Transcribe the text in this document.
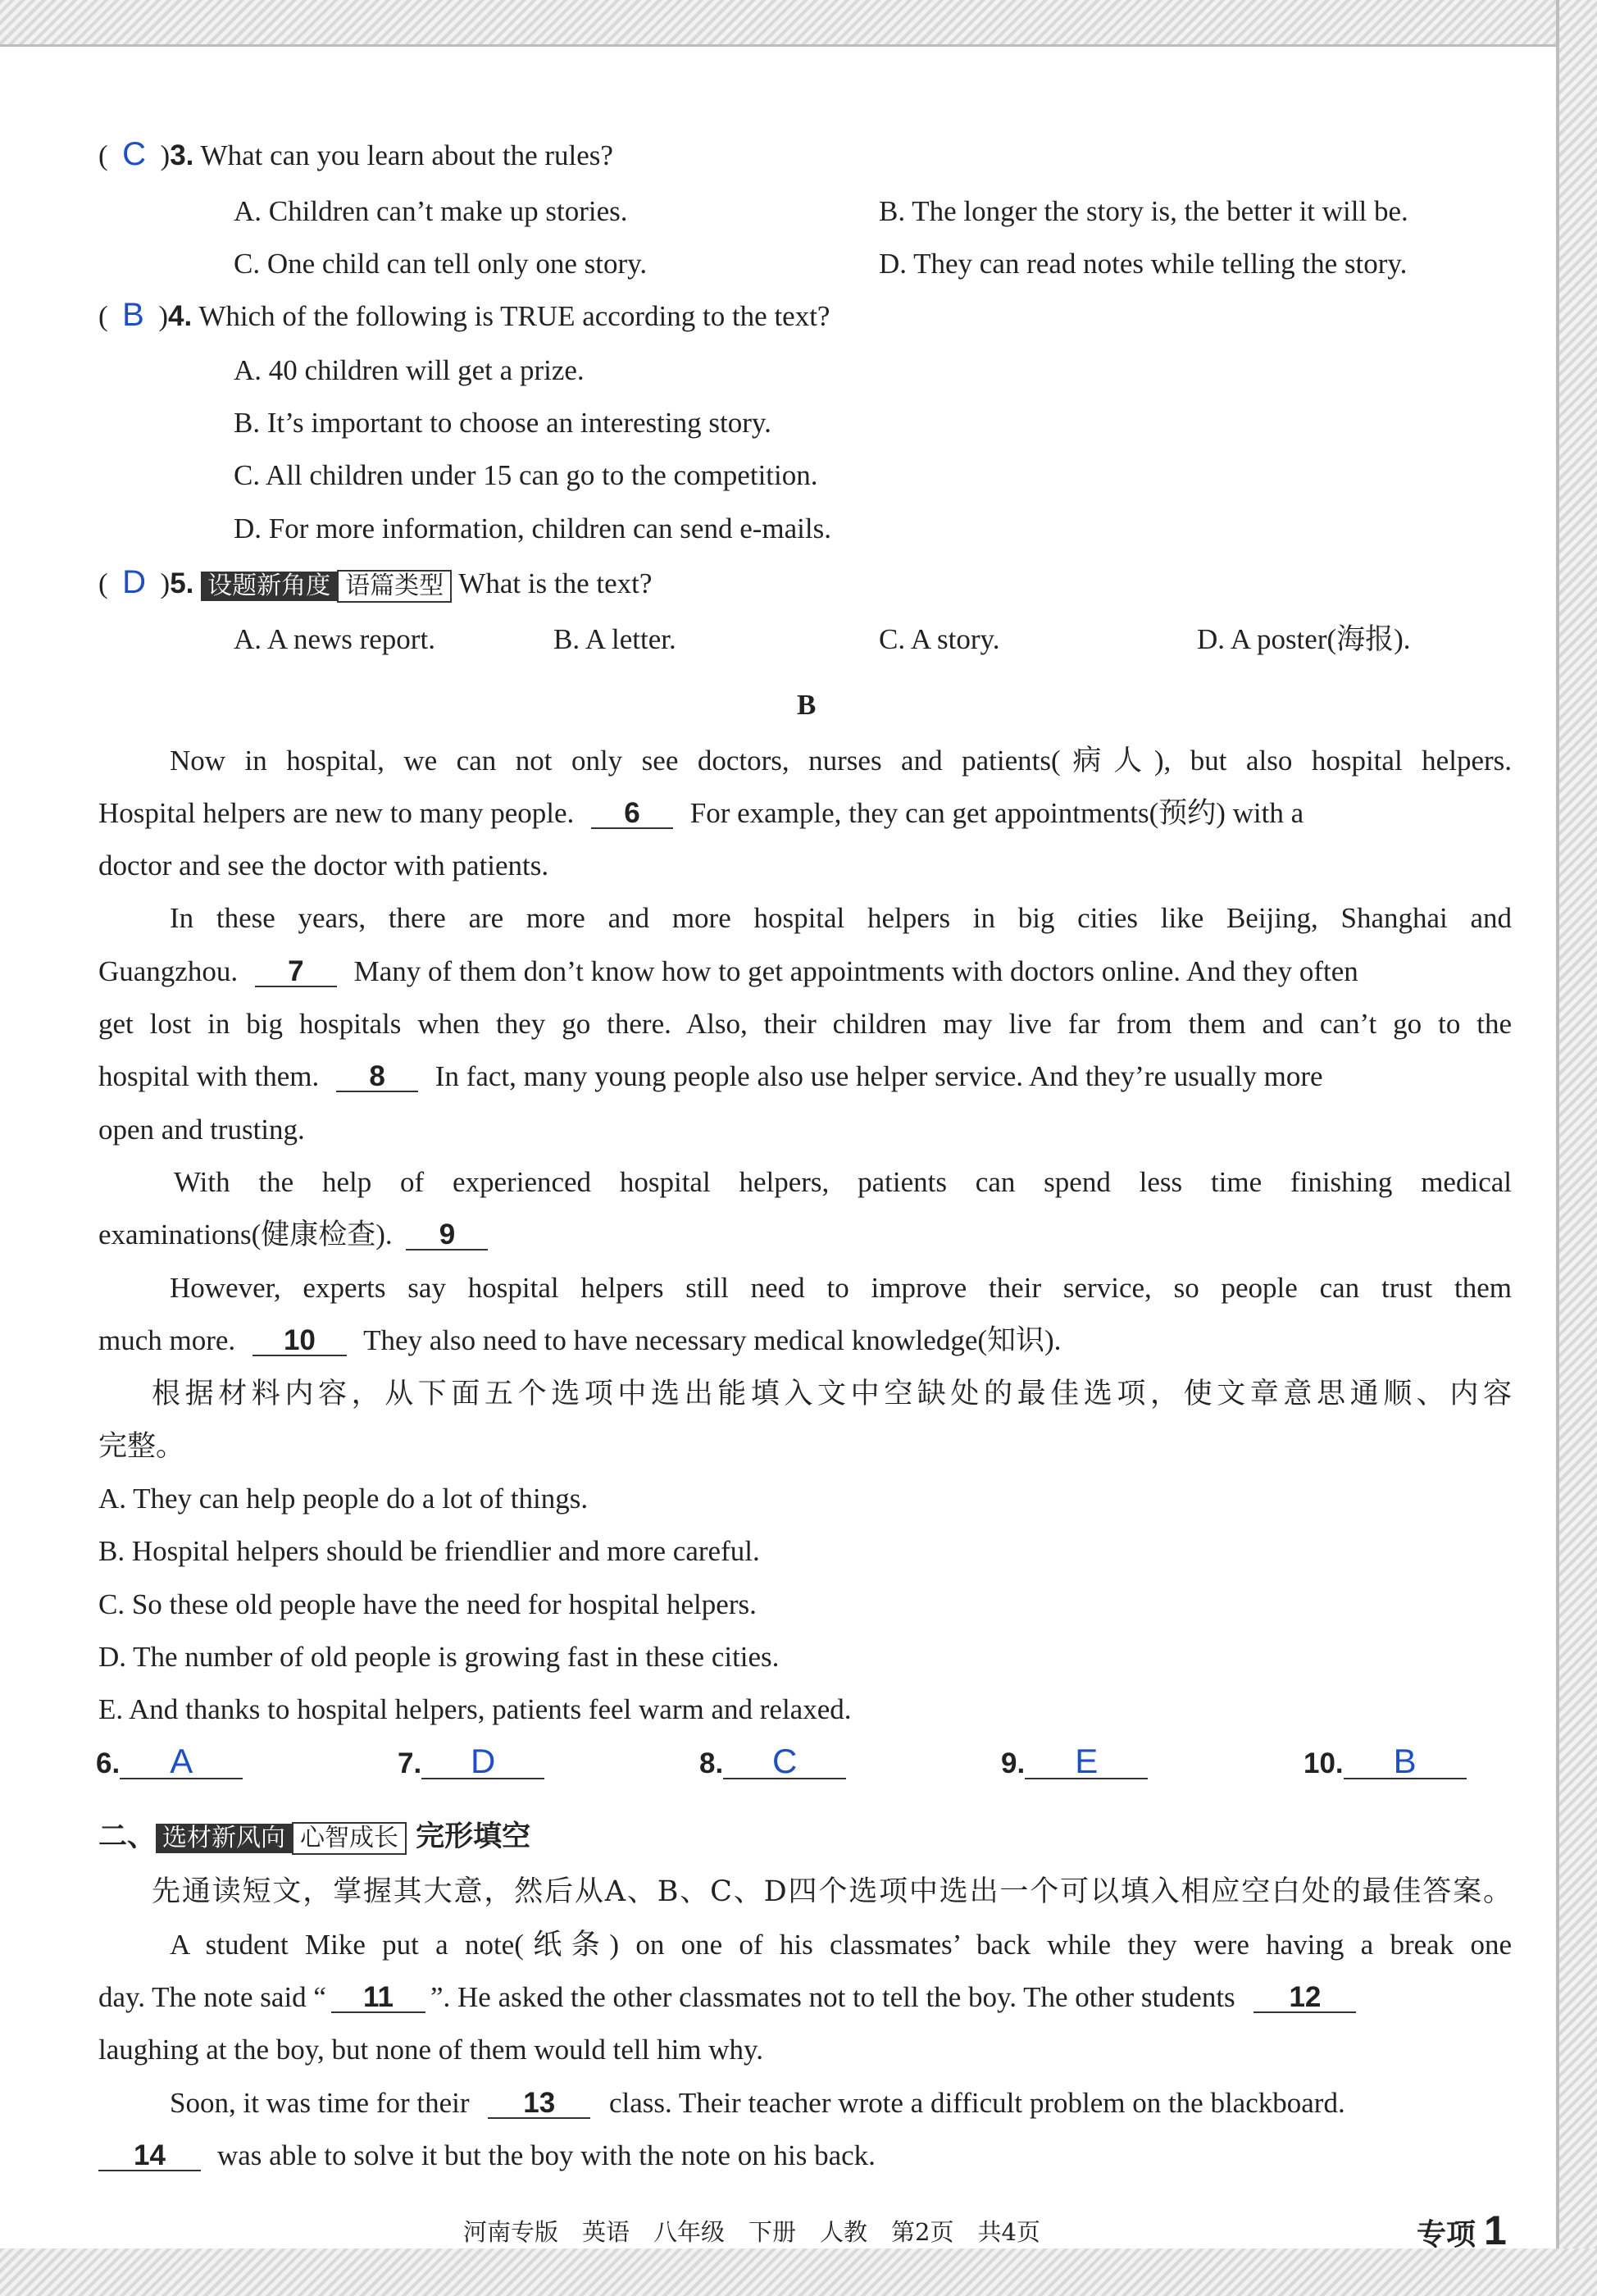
(  C  )3. What can you learn about the rules?
A. Children can’t make up stories.	B. The longer the story is, the better it will be.
C. One child can tell only one story.	D. They can read notes while telling the story.
(  B  )4. Which of the following is TRUE according to the text?
A. 40 children will get a prize.
B. It’s important to choose an interesting story.
C. All children under 15 can go to the competition.
D. For more information, children can send e-mails.
(  D  )5. 设题新角度 语篇类型 What is the text?
A. A news report.	B. A letter.	C. A story.	D. A poster(海报).
B
Now in hospital, we can not only see doctors, nurses and patients(病人), but also hospital helpers.
Hospital helpers are new to many people. 6 For example, they can get appointments(预约) with a
doctor and see the doctor with patients.
In these years, there are more and more hospital helpers in big cities like Beijing, Shanghai and
Guangzhou. 7 Many of them don’t know how to get appointments with doctors online. And they often
get lost in big hospitals when they go there. Also, their children may live far from them and can’t go to the
hospital with them. 8 In fact, many young people also use helper service. And they’re usually more
open and trusting.
With the help of experienced hospital helpers, patients can spend less time finishing medical
examinations(健康检查). 9
However, experts say hospital helpers still need to improve their service, so people can trust them
much more. 10 They also need to have necessary medical knowledge(知识).
根据材料内容，从下面五个选项中选出能填入文中空缺处的最佳选项，使文章意思通顺、内容
完整。
A. They can help people do a lot of things.
B. Hospital helpers should be friendlier and more careful.
C. So these old people have the need for hospital helpers.
D. The number of old people is growing fast in these cities.
E. And thanks to hospital helpers, patients feel warm and relaxed.
6. A	7. D	8. C	9. E	10. B
二、 选材新风向 心智成长 完形填空
先通读短文，掌握其大意，然后从A、B、C、D四个选项中选出一个可以填入相应空白处的最佳答案。
A student Mike put a note(纸条) on one of his classmates’ back while they were having a break one
day. The note said “ 11 ”. He asked the other classmates not to tell the boy. The other students 12
laughing at the boy, but none of them would tell him why.
Soon, it was time for their 13 class. Their teacher wrote a difficult problem on the blackboard.
14 was able to solve it but the boy with the note on his back.
河南专版　英语　八年级　下册　人教　第2页　共4页	专项 1
